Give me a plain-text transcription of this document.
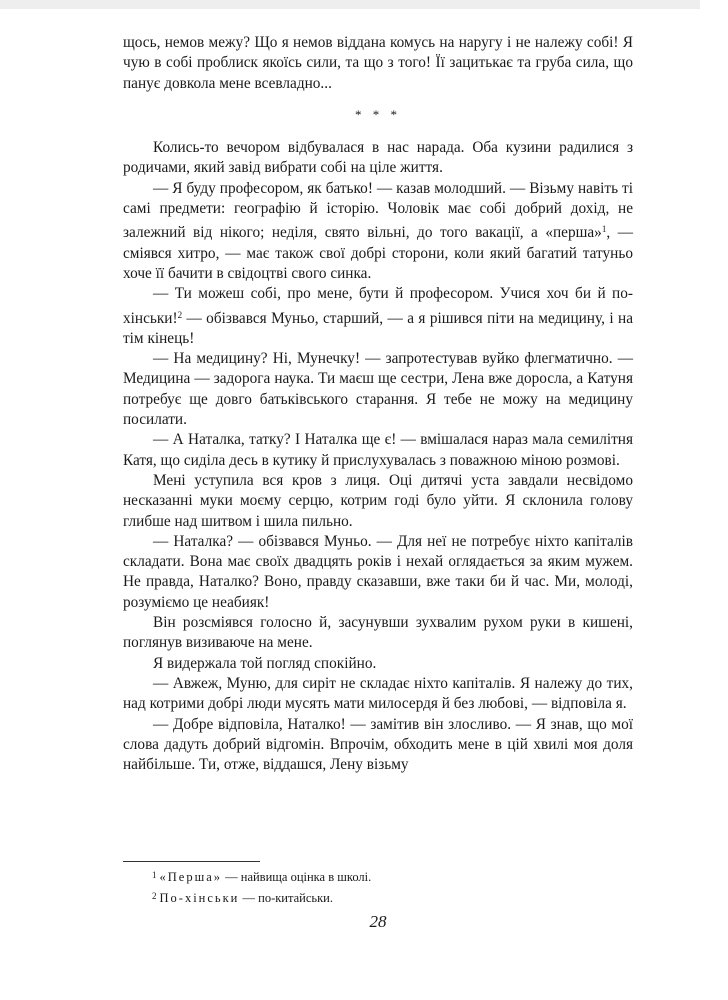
щось, немов межу? Що я немов віддана комусь на наругу і не належу собі! Я чую в собі проблиск якоїсь сили, та що з того! Її зацитькає та груба сила, що панує довкола мене всевладно...

* * *

Колись-то вечором відбувалася в нас нарада. Оба кузини радилися з родичами, який завід вибрати собі на ціле життя.

— Я буду професором, як батько! — казав молодший. — Візьму навіть ті самі предмети: географію й історію. Чоловік має собі добрий дохід, не залежний від нікого; неділя, свято вільні, до того вакації, а «перша»$^1$, — сміявся хитро, — має також свої добрі сторони, коли який багатий татуньо хоче її бачити в свідоцтві свого синка.

— Ти можеш собі, про мене, бути й професором. Учися хоч би й по-хінськи!$^2$ — обізвався Муньо, старший, — а я рішився піти на медицину, і на тім кінець!

— На медицину? Ні, Мунечку! — запротестував вуйко флегматично. — Медицина — задорога наука. Ти маєш ще сестри, Лена вже доросла, а Катуня потребує ще довго батьківського старання. Я тебе не можу на медицину посилати.

— А Наталка, татку? І Наталка ще є! — вмішалася нараз мала семилітня Катя, що сиділа десь в кутику й прислухувалась з поважною міною розмові.

Мені уступила вся кров з лиця. Оці дитячі уста завдали несвідомо несказанні муки моєму серцю, котрим годі було уйти. Я склонила голову глибше над шитвом і шила пильно.

— Наталка? — обізвався Муньо. — Для неї не потребує ніхто капіталів складати. Вона має своїх двадцять років і нехай оглядається за яким мужем. Не правда, Наталко? Воно, правду сказавши, вже таки би й час. Ми, молоді, розуміємо це неабияк!

Він розсміявся голосно й, засунувши зухвалим рухом руки в кишені, поглянув визиваюче на мене.

Я видержала той погляд спокійно.

— Авжеж, Муню, для сиріт не складає ніхто капіталів. Я належу до тих, над котрими добрі люди мусять мати милосердя й без любові, — відповіла я.

— Добре відповіла, Наталко! — замітив він злосливо. — Я знав, що мої слова дадуть добрий відгомін. Впрочім, обходить мене в цій хвилі моя доля найбільше. Ти, отже, віддашся, Лену візьму

$^1$ «Перша» — найвища оцінка в школі.

$^2$ По-хінськи — по-китайськи.

28
